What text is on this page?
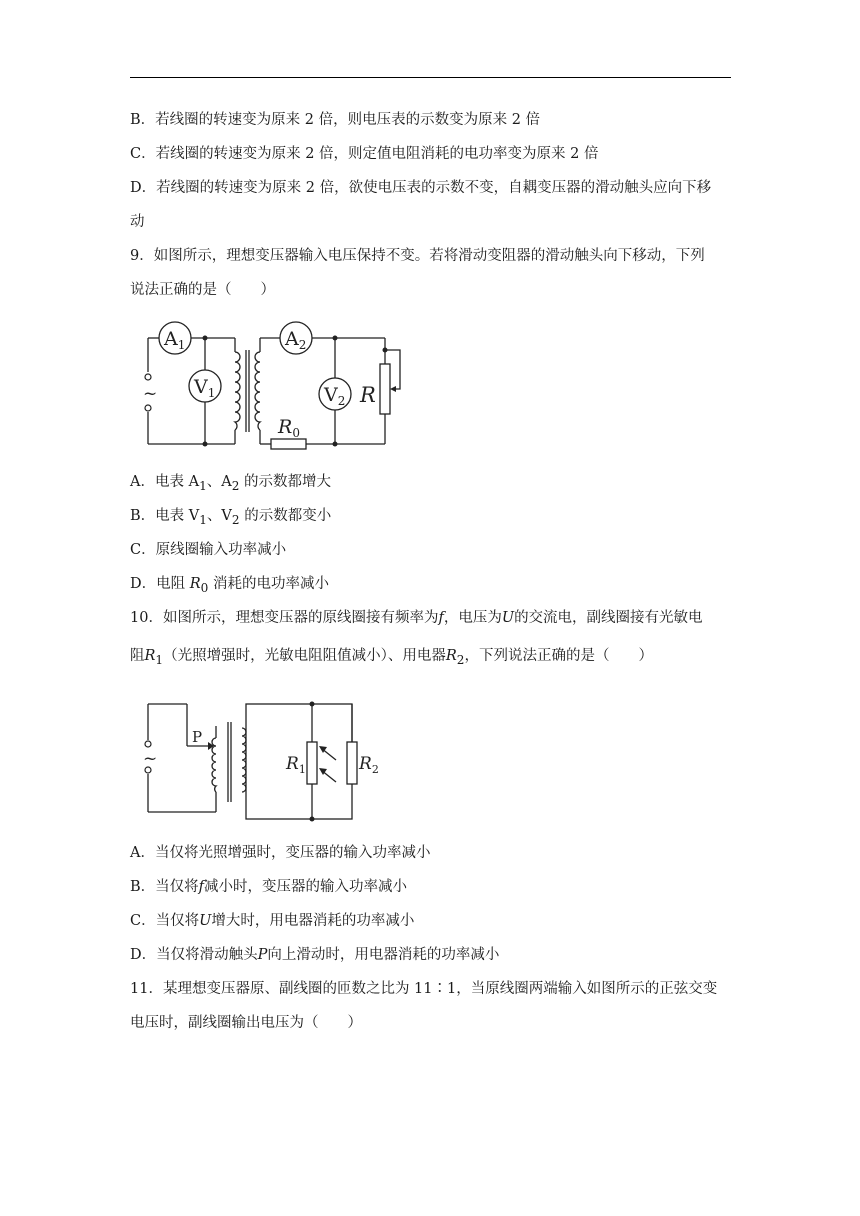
B．若线圈的转速变为原来 2 倍，则电压表的示数变为原来 2 倍
C．若线圈的转速变为原来 2 倍，则定值电阻消耗的电功率变为原来 2 倍
D．若线圈的转速变为原来 2 倍，欲使电压表的示数不变，自耦变压器的滑动触头应向下移
动
9．如图所示，理想变压器输入电压保持不变。若将滑动变阻器的滑动触头向下移动，下列
说法正确的是（　　）
~
$A_1$
$V_1$
$A_2$
$V_2$ R
$R_0$
A．电表 $A_1$、$A_2$ 的示数都增大
B．电表 $V_1$、$V_2$ 的示数都变小
C．原线圈输入功率减小
D．电阻 $R_0$ 消耗的电功率减小
10．如图所示，理想变压器的原线圈接有频率为f，电压为U的交流电，副线圈接有光敏电
阻$R_1$（光照增强时，光敏电阻阻值减小）、用电器$R_2$，下列说法正确的是（　　）
~
P
$R_1$	$R_2$
A．当仅将光照增强时，变压器的输入功率减小
B．当仅将f减小时，变压器的输入功率减小
C．当仅将U增大时，用电器消耗的功率减小
D．当仅将滑动触头P向上滑动时，用电器消耗的功率减小
11．某理想变压器原、副线圈的匝数之比为 11∶1，当原线圈两端输入如图所示的正弦交变
电压时，副线圈输出电压为（　　）
